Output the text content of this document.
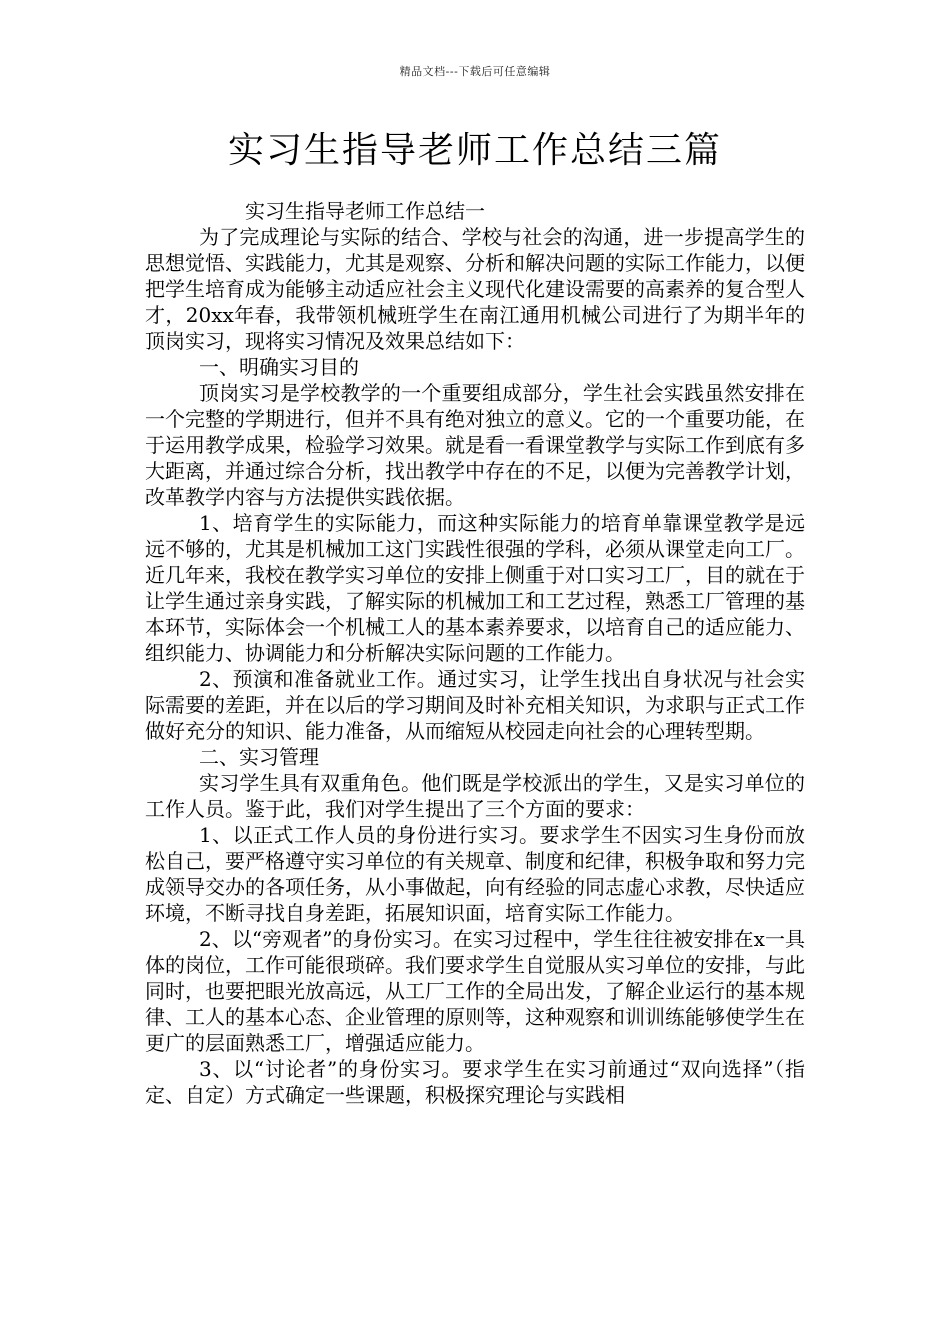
精品文档---下载后可任意编辑
实习生指导老师工作总结三篇

实习生指导老师工作总结一

为了完成理论与实际的结合、学校与社会的沟通，进一步提高学生的思想觉悟、实践能力，尤其是观察、分析和解决问题的实际工作能力，以便把学生培育成为能够主动适应社会主义现代化建设需要的高素养的复合型人才，20xx年春，我带领机械班学生在南江通用机械公司进行了为期半年的顶岗实习，现将实习情况及效果总结如下：

一、明确实习目的

顶岗实习是学校教学的一个重要组成部分，学生社会实践虽然安排在一个完整的学期进行，但并不具有绝对独立的意义。它的一个重要功能，在于运用教学成果，检验学习效果。就是看一看课堂教学与实际工作到底有多大距离，并通过综合分析，找出教学中存在的不足，以便为完善教学计划，改革教学内容与方法提供实践依据。

1、培育学生的实际能力，而这种实际能力的培育单靠课堂教学是远远不够的，尤其是机械加工这门实践性很强的学科，必须从课堂走向工厂。近几年来，我校在教学实习单位的安排上侧重于对口实习工厂，目的就在于让学生通过亲身实践，了解实际的机械加工和工艺过程，熟悉工厂管理的基本环节，实际体会一个机械工人的基本素养要求，以培育自己的适应能力、组织能力、协调能力和分析解决实际问题的工作能力。

2、预演和准备就业工作。通过实习，让学生找出自身状况与社会实际需要的差距，并在以后的学习期间及时补充相关知识，为求职与正式工作做好充分的知识、能力准备，从而缩短从校园走向社会的心理转型期。

二、实习管理

实习学生具有双重角色。他们既是学校派出的学生，又是实习单位的工作人员。鉴于此，我们对学生提出了三个方面的要求：

1、以正式工作人员的身份进行实习。要求学生不因实习生身份而放松自己，要严格遵守实习单位的有关规章、制度和纪律，积极争取和努力完成领导交办的各项任务，从小事做起，向有经验的同志虚心求教，尽快适应环境，不断寻找自身差距，拓展知识面，培育实际工作能力。

2、以“旁观者”的身份实习。在实习过程中，学生往往被安排在x一具体的岗位，工作可能很琐碎。我们要求学生自觉服从实习单位的安排，与此同时，也要把眼光放高远，从工厂工作的全局出发，了解企业运行的基本规律、工人的基本心态、企业管理的原则等，这种观察和训训练能够使学生在更广的层面熟悉工厂，增强适应能力。

3、以“讨论者”的身份实习。要求学生在实习前通过“双向选择”（指定、自定）方式确定一些课题，积极探究理论与实践相
